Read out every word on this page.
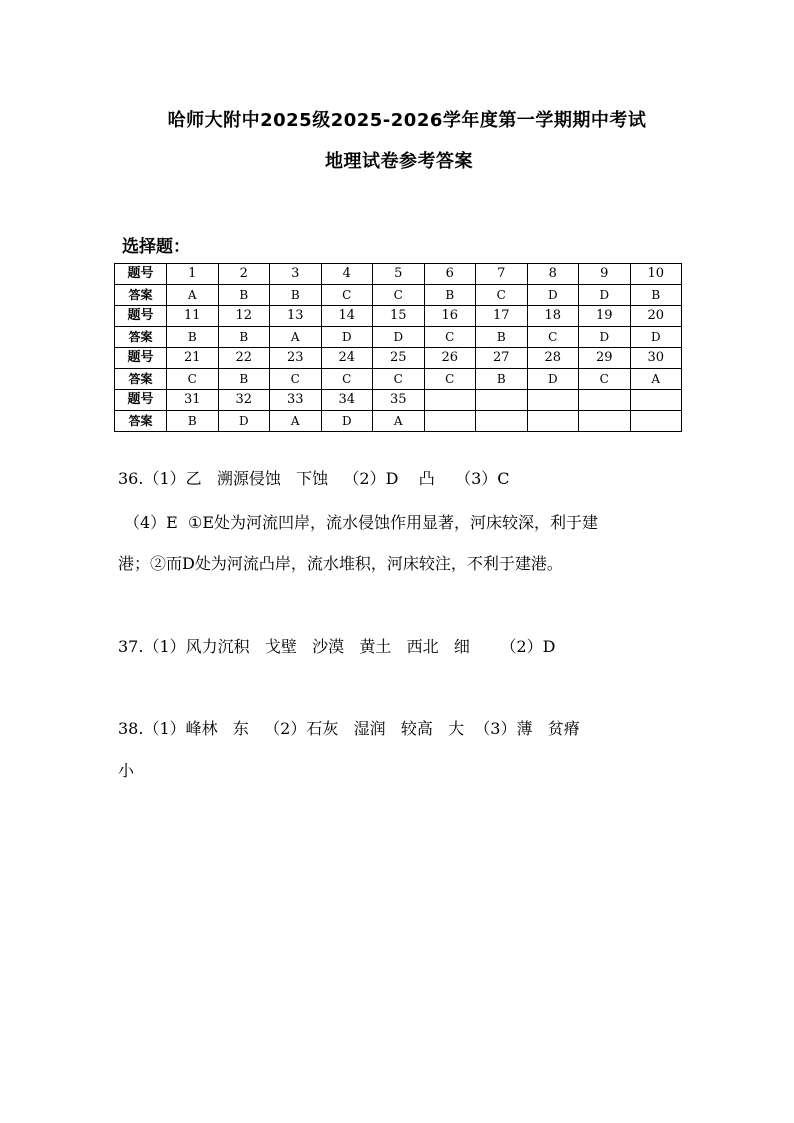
哈师大附中2025级2025-2026学年度第一学期期中考试
地理试卷参考答案
选择题：
题号	1	2	3	4	5	6	7	8	9	10
答案	A	B	B	C	C	B	C	D	D	B
题号	11	12	13	14	15	16	17	18	19	20
答案	B	B	A	D	D	C	B	C	D	D
题号	21	22	23	24	25	26	27	28	29	30
答案	C	B	C	C	C	C	B	D	C	A
题号	31	32	33	34	35					
答案	B	D	A	D	A					
36.（1）乙   溯源侵蚀   下蚀   （2）D    凸    （3）C
（4）E  ①E处为河流凹岸，流水侵蚀作用显著，河床较深，利于建
港；②而D处为河流凸岸，流水堆积，河床较注，不利于建港。
37.（1）风力沉积   戈壁   沙漠   黄土   西北   细      （2）D
38.（1）峰林   东   （2）石灰   湿润   较高   大  （3）薄   贫瘠
小
